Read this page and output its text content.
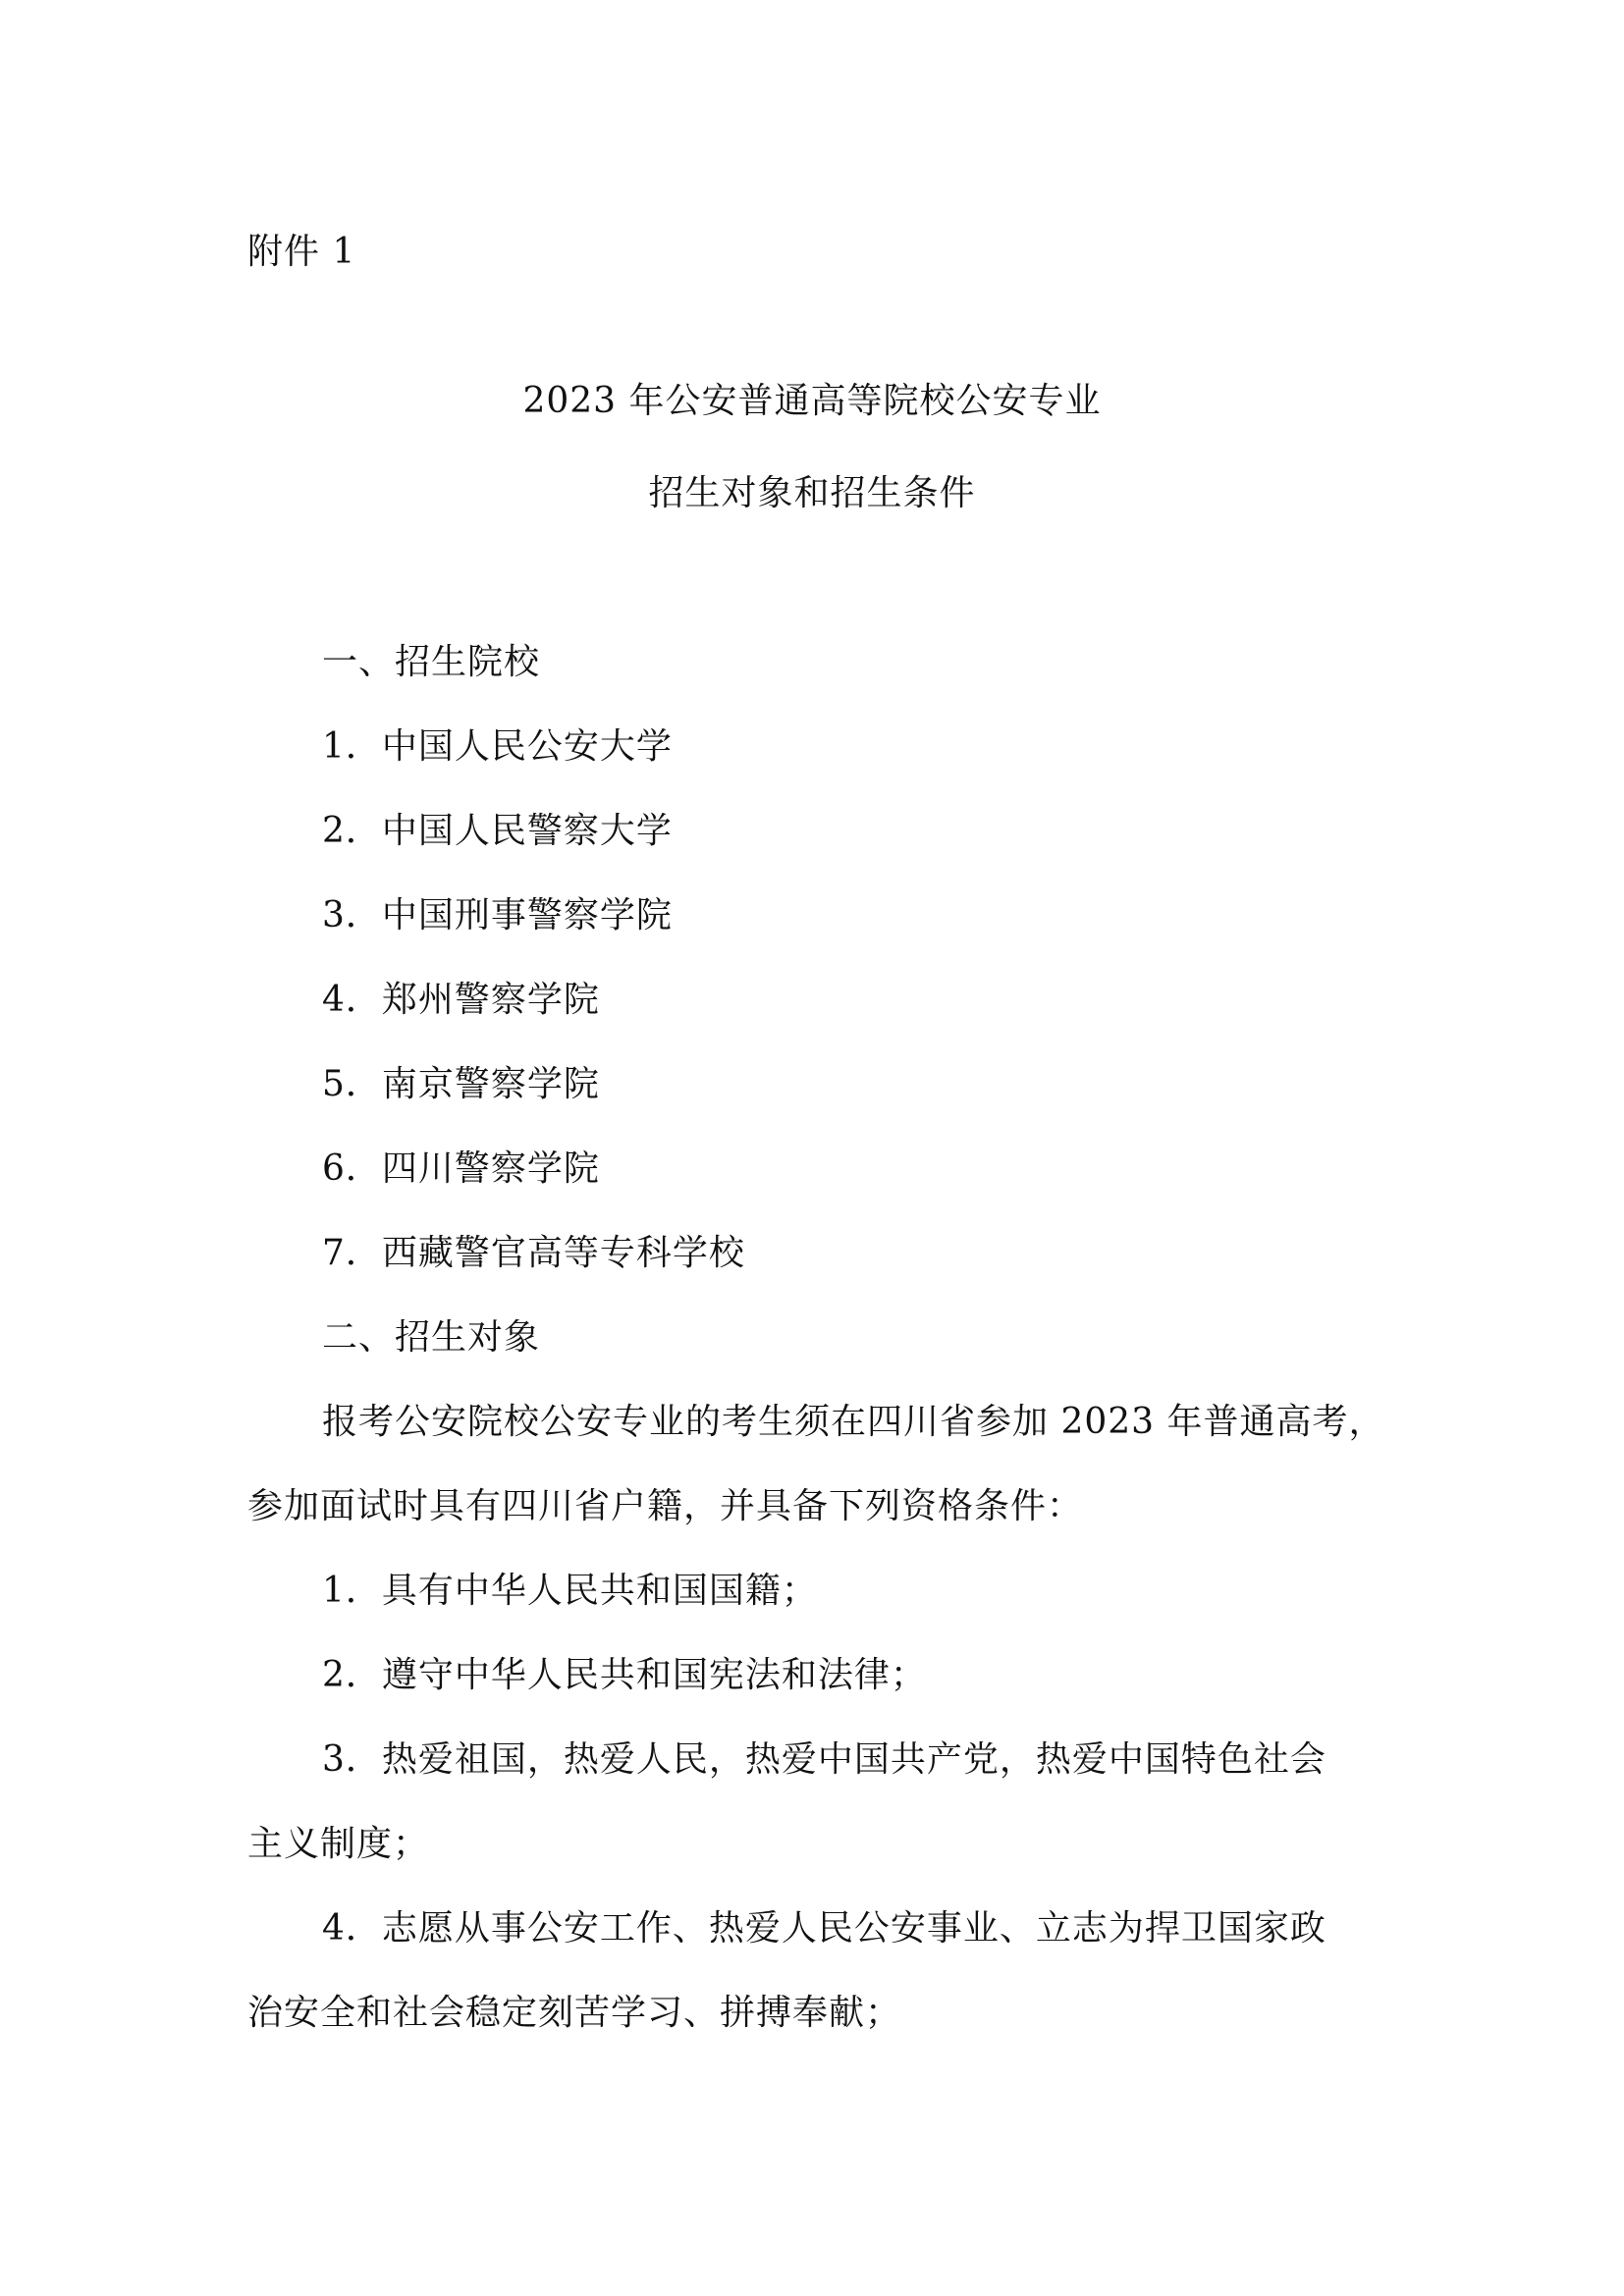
附件 1
2023 年公安普通高等院校公安专业
招生对象和招生条件
一、招生院校
1．中国人民公安大学
2．中国人民警察大学
3．中国刑事警察学院
4．郑州警察学院
5．南京警察学院
6．四川警察学院
7．西藏警官高等专科学校
二、招生对象
报考公安院校公安专业的考生须在四川省参加 2023 年普通高考，
参加面试时具有四川省户籍，并具备下列资格条件：
1．具有中华人民共和国国籍；
2．遵守中华人民共和国宪法和法律；
3．热爱祖国，热爱人民，热爱中国共产党，热爱中国特色社会
主义制度；
4．志愿从事公安工作、热爱人民公安事业、立志为捍卫国家政
治安全和社会稳定刻苦学习、拼搏奉献；
